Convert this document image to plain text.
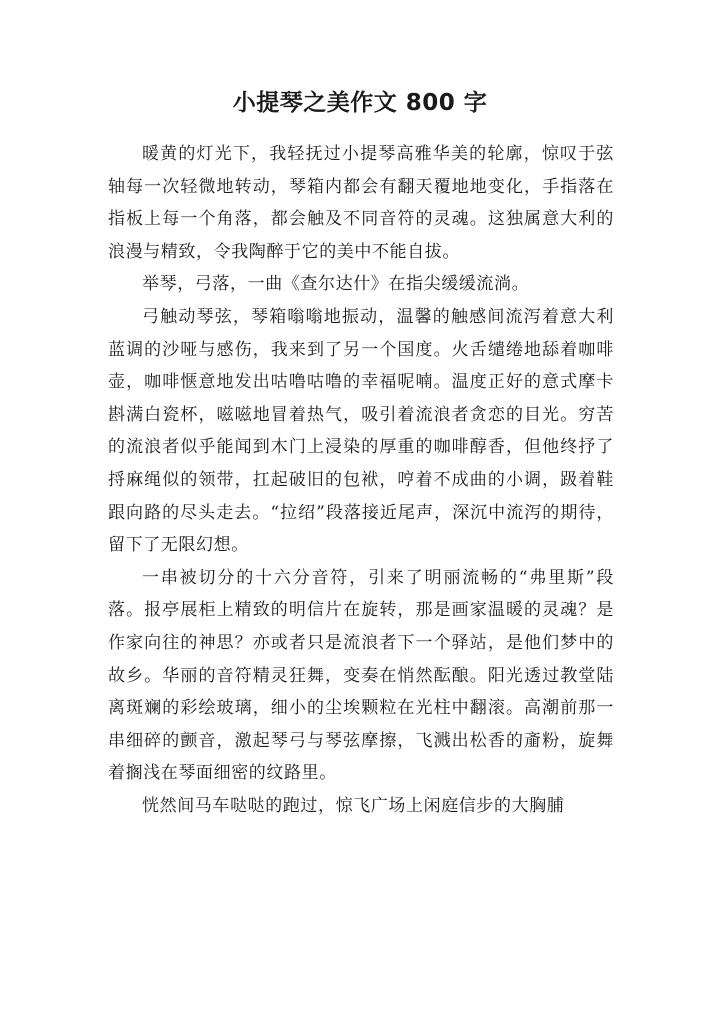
小提琴之美作文 800 字

暖黄的灯光下，我轻抚过小提琴高雅华美的轮廓，惊叹于弦轴每一次轻微地转动，琴箱内都会有翻天覆地地变化，手指落在指板上每一个角落，都会触及不同音符的灵魂。这独属意大利的浪漫与精致，令我陶醉于它的美中不能自拔。

举琴，弓落，一曲《查尔达什》在指尖缓缓流淌。

弓触动琴弦，琴箱嗡嗡地振动，温馨的触感间流泻着意大利蓝调的沙哑与感伤，我来到了另一个国度。火舌缱绻地舔着咖啡壶，咖啡惬意地发出咕噜咕噜的幸福呢喃。温度正好的意式摩卡斟满白瓷杯，嗞嗞地冒着热气，吸引着流浪者贪恋的目光。穷苦的流浪者似乎能闻到木门上浸染的厚重的咖啡醇香，但他终抒了捋麻绳似的领带，扛起破旧的包袱，哼着不成曲的小调，趿着鞋跟向路的尽头走去。“拉绍”段落接近尾声，深沉中流泻的期待，留下了无限幻想。

一串被切分的十六分音符，引来了明丽流畅的“弗里斯”段落。报亭展柜上精致的明信片在旋转，那是画家温暖的灵魂？是作家向往的神思？亦或者只是流浪者下一个驿站，是他们梦中的故乡。华丽的音符精灵狂舞，变奏在悄然酝酿。阳光透过教堂陆离斑斓的彩绘玻璃，细小的尘埃颗粒在光柱中翻滚。高潮前那一串细碎的颤音，激起琴弓与琴弦摩擦，飞溅出松香的齑粉，旋舞着搁浅在琴面细密的纹路里。

恍然间马车哒哒的跑过，惊飞广场上闲庭信步的大胸脯
